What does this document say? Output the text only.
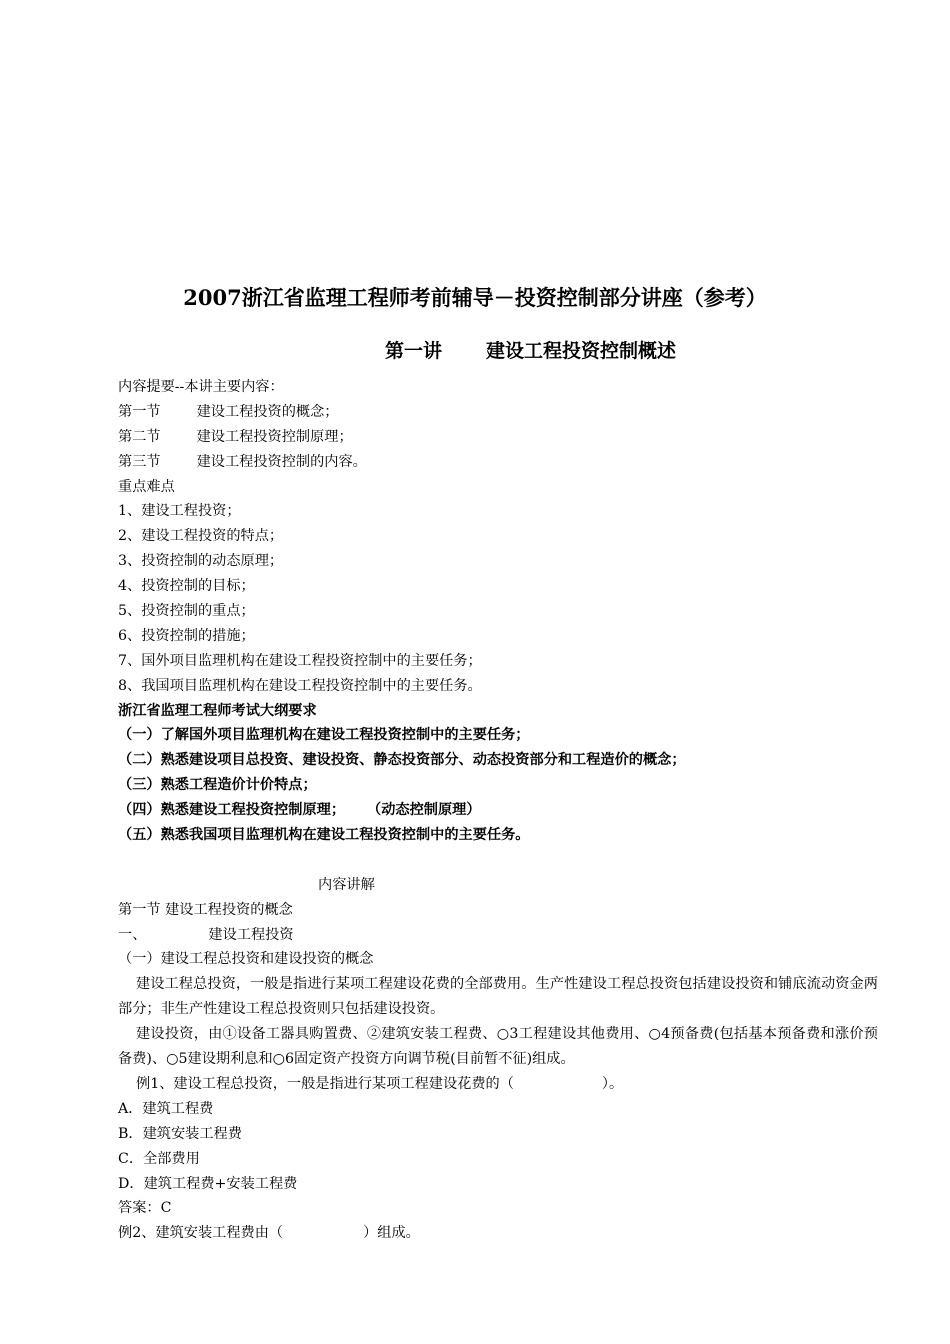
2007浙江省监理工程师考前辅导－投资控制部分讲座（参考）
第一讲 建设工程投资控制概述
内容提要--本讲主要内容：
第一节	建设工程投资的概念；
第二节	建设工程投资控制原理；
第三节	建设工程投资控制的内容。
重点难点
1、建设工程投资；
2、建设工程投资的特点；
3、投资控制的动态原理；
4、投资控制的目标；
5、投资控制的重点；
6、投资控制的措施；
7、国外项目监理机构在建设工程投资控制中的主要任务；
8、我国项目监理机构在建设工程投资控制中的主要任务。
浙江省监理工程师考试大纲要求
（一）了解国外项目监理机构在建设工程投资控制中的主要任务；
（二）熟悉建设项目总投资、建设投资、静态投资部分、动态投资部分和工程造价的概念；
（三）熟悉工程造价计价特点；
（四）熟悉建设工程投资控制原理； （动态控制原理）
（五）熟悉我国项目监理机构在建设工程投资控制中的主要任务。
内容讲解
第一节 建设工程投资的概念
一、	建设工程投资
（一）建设工程总投资和建设投资的概念
建设工程总投资，一般是指进行某项工程建设花费的全部费用。生产性建设工程总投资包括建设投资和铺底流动资金两部分；非生产性建设工程总投资则只包括建设投资。
建设投资，由①设备工器具购置费、②建筑安装工程费、○3工程建设其他费用、○4预备费(包括基本预备费和涨价预备费)、○5建设期利息和○6固定资产投资方向调节税(目前暂不征)组成。
例1、建设工程总投资，一般是指进行某项工程建设花费的（	）。
A．建筑工程费
B．建筑安装工程费
C．全部费用
D．建筑工程费+安装工程费
答案：C
例2、建筑安装工程费由（	）组成。
